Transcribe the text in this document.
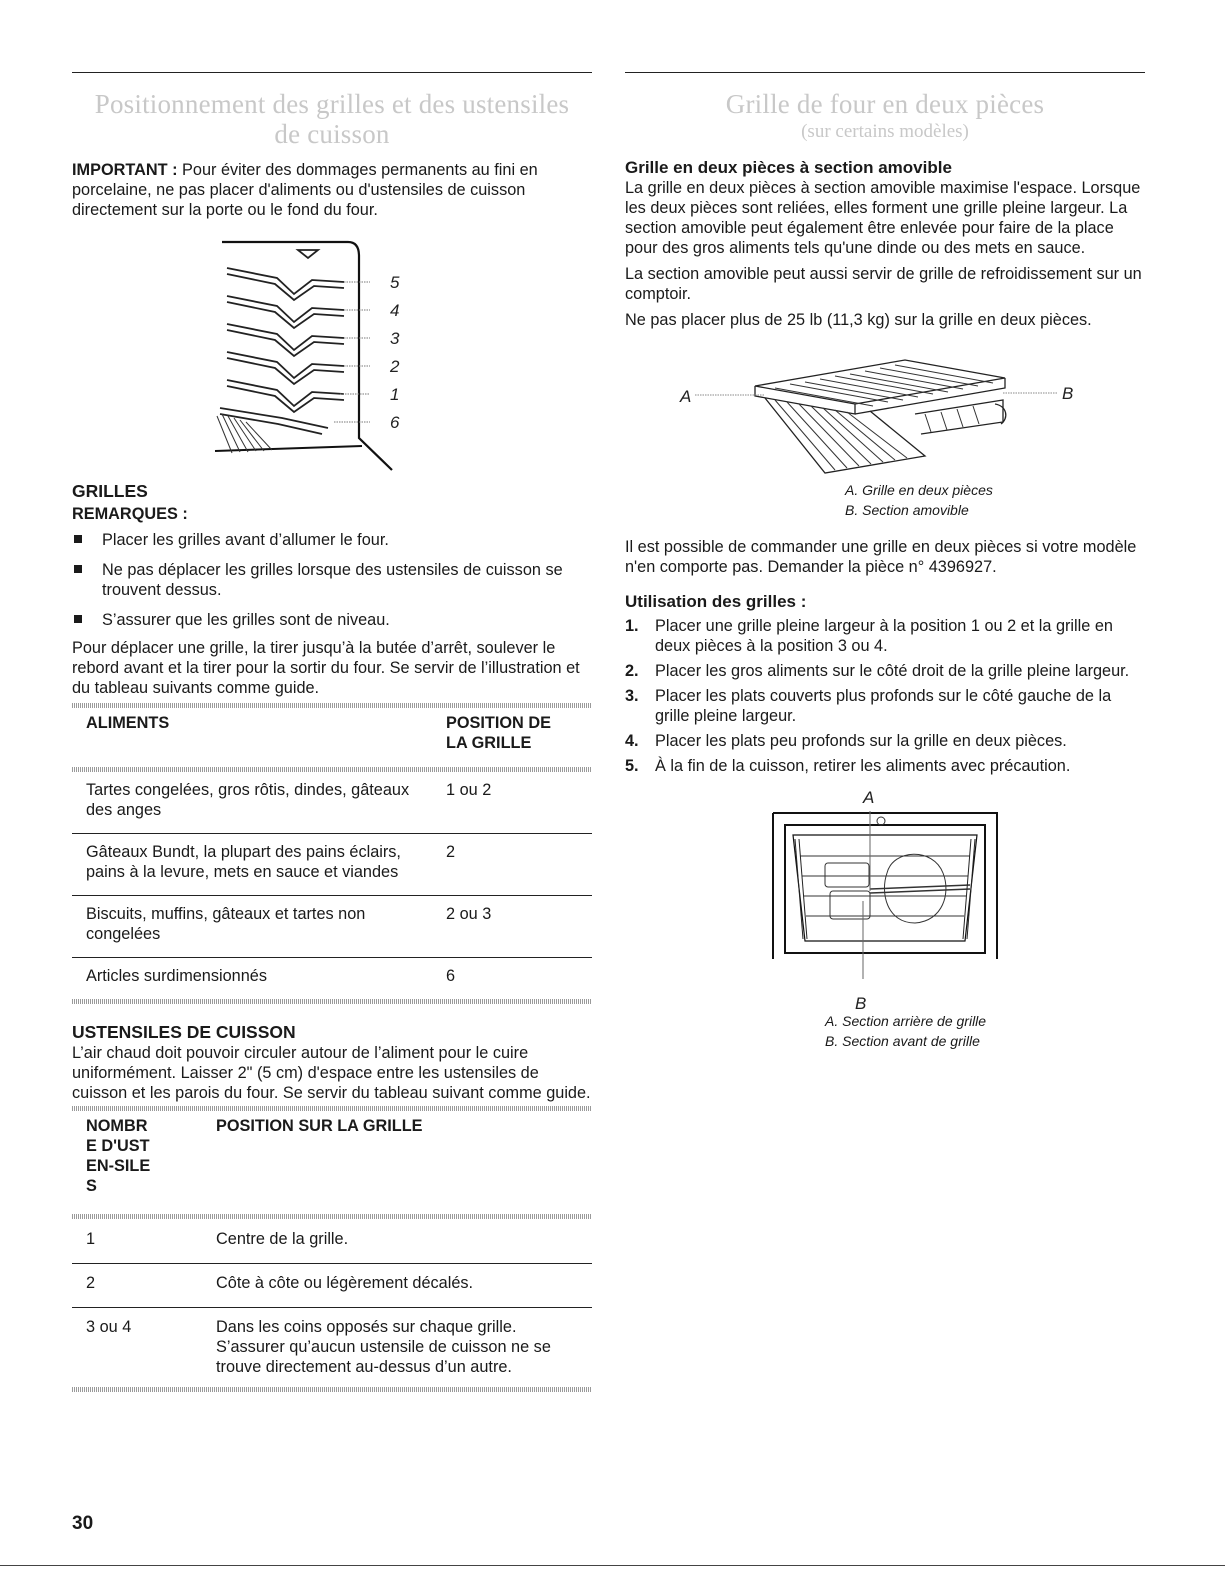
Positionnement des grilles et des ustensiles
de cuisson

IMPORTANT : Pour éviter des dommages permanents au fini en porcelaine, ne pas placer d'aliments ou d'ustensiles de cuisson directement sur la porte ou le fond du four.

5
4
3
2
1
6
GRILLES
REMARQUES :
Placer les grilles avant d’allumer le four.
Ne pas déplacer les grilles lorsque des ustensiles de cuisson se trouvent dessus.
S’assurer que les grilles sont de niveau.

Pour déplacer une grille, la tirer jusqu’à la butée d’arrêt, soulever le rebord avant et la tirer pour la sortir du four. Se servir de l’illustration et du tableau suivants comme guide.

ALIMENTS	POSITION DE LA GRILLE

Tartes congelées, gros rôtis, dindes, gâteaux des anges	1 ou 2

Gâteaux Bundt, la plupart des pains éclairs, pains à la levure, mets en sauce et viandes	2

Biscuits, muffins, gâteaux et tartes non congelées	2 ou 3

Articles surdimensionnés	6
USTENSILES DE CUISSON

L’air chaud doit pouvoir circuler autour de l’aliment pour le cuire uniformément. Laisser 2" (5 cm) d'espace entre les ustensiles de cuisson et les parois du four. Se servir du tableau suivant comme guide.

NOMBRE D'USTEN-SILES	POSITION SUR LA GRILLE

1	Centre de la grille.

2	Côte à côte ou légèrement décalés.

3 ou 4	Dans les coins opposés sur chaque grille. S’assurer qu’aucun ustensile de cuisson ne se trouve directement au-dessus d’un autre.
Grille de four en deux pièces
(sur certains modèles)
Grille en deux pièces à section amovible

La grille en deux pièces à section amovible maximise l'espace. Lorsque les deux pièces sont reliées, elles forment une grille pleine largeur. La section amovible peut également être enlevée pour faire de la place pour des gros aliments tels qu'une dinde ou des mets en sauce.

La section amovible peut aussi servir de grille de refroidissement sur un comptoir.

Ne pas placer plus de 25 lb (11,3 kg) sur la grille en deux pièces.

A	B
A. Grille en deux pièces
B. Section amovible

Il est possible de commander une grille en deux pièces si votre modèle n'en comporte pas. Demander la pièce n° 4396927.

Utilisation des grilles :
1. Placer une grille pleine largeur à la position 1 ou 2 et la grille en deux pièces à la position 3 ou 4.
2. Placer les gros aliments sur le côté droit de la grille pleine largeur.
3. Placer les plats couverts plus profonds sur le côté gauche de la grille pleine largeur.
4. Placer les plats peu profonds sur la grille en deux pièces.
5. À la fin de la cuisson, retirer les aliments avec précaution.
A
B
A. Section arrière de grille
B. Section avant de grille
30
